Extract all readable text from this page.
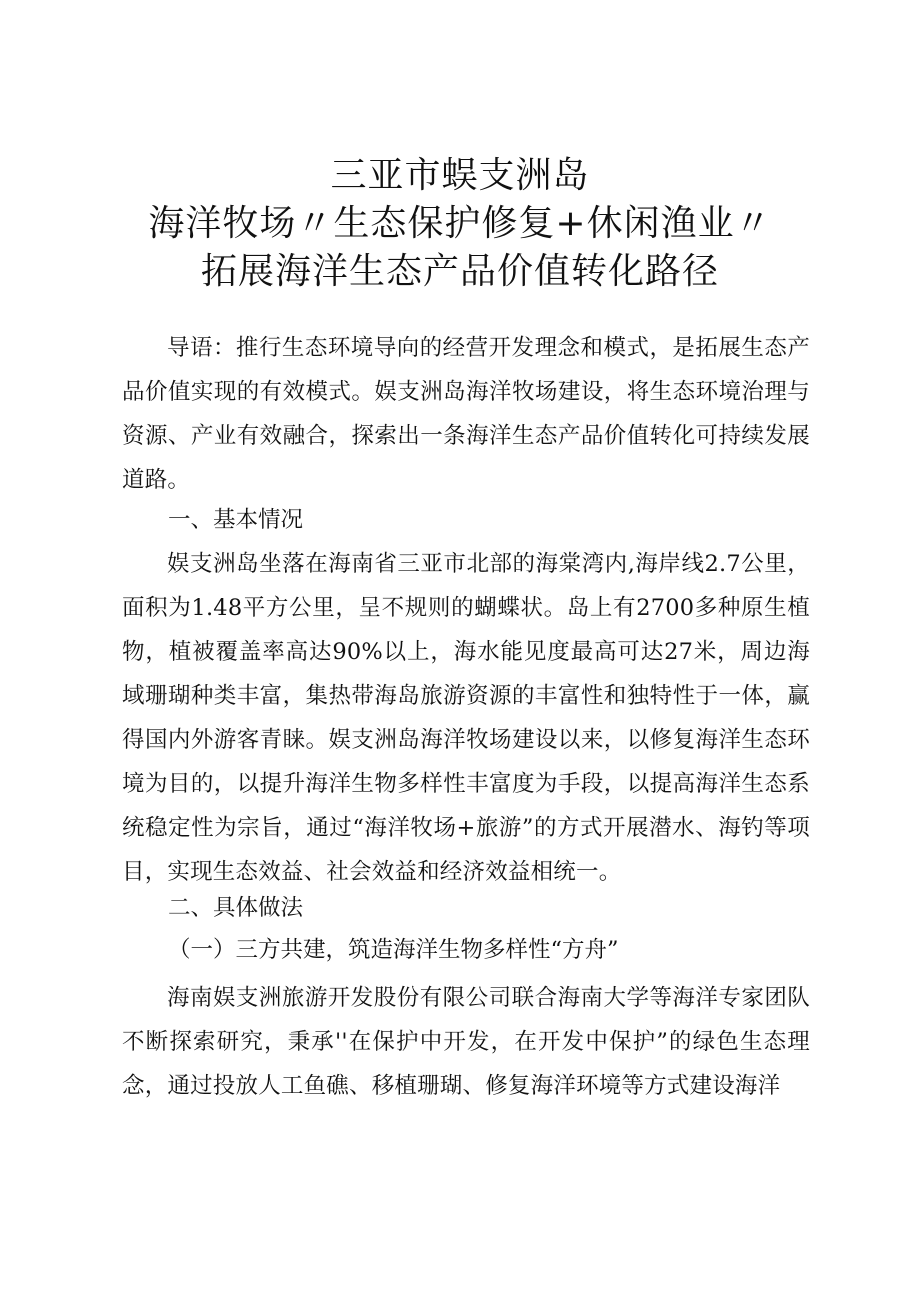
三亚市蜈支洲岛
海洋牧场〃生态保护修复+休闲渔业〃
拓展海洋生态产品价值转化路径

导语：推行生态环境导向的经营开发理念和模式，是拓展生态产品价值实现的有效模式。娱支洲岛海洋牧场建设，将生态环境治理与资源、产业有效融合，探索出一条海洋生态产品价值转化可持续发展道路。

一、基本情况

娱支洲岛坐落在海南省三亚市北部的海棠湾内,海岸线2.7公里，面积为1.48平方公里，呈不规则的蝴蝶状。岛上有2700多种原生植物，植被覆盖率高达90%以上，海水能见度最高可达27米，周边海域珊瑚种类丰富，集热带海岛旅游资源的丰富性和独特性于一体，赢得国内外游客青睐。娱支洲岛海洋牧场建设以来，以修复海洋生态环境为目的，以提升海洋生物多样性丰富度为手段，以提高海洋生态系统稳定性为宗旨，通过“海洋牧场+旅游”的方式开展潜水、海钓等项目，实现生态效益、社会效益和经济效益相统一。

二、具体做法
（一）三方共建，筑造海洋生物多样性“方舟”

海南娱支洲旅游开发股份有限公司联合海南大学等海洋专家团队不断探索研究，秉承''在保护中开发，在开发中保护”的绿色生态理念，通过投放人工鱼礁、移植珊瑚、修复海洋环境等方式建设海洋
